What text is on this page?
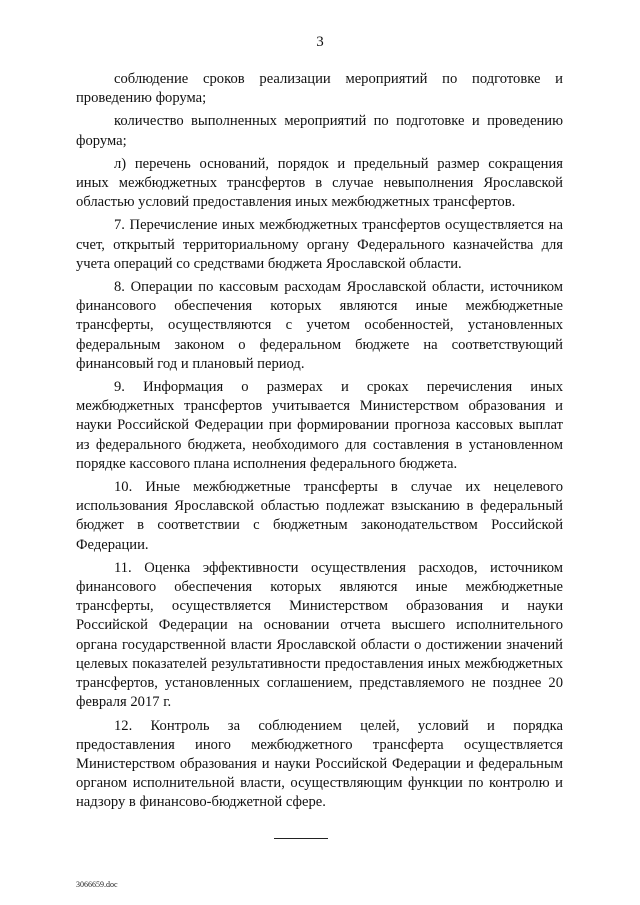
3

соблюдение сроков реализации мероприятий по подготовке и проведению форума;

количество выполненных мероприятий по подготовке и проведению форума;

л) перечень оснований, порядок и предельный размер сокращения иных межбюджетных трансфертов в случае невыполнения Ярославской областью условий предоставления иных межбюджетных трансфертов.

7. Перечисление иных межбюджетных трансфертов осуществляется на счет, открытый территориальному органу Федерального казначейства для учета операций со средствами бюджета Ярославской области.

8. Операции по кассовым расходам Ярославской области, источником финансового обеспечения которых являются иные межбюджетные трансферты, осуществляются с учетом особенностей, установленных федеральным законом о федеральном бюджете на соответствующий финансовый год и плановый период.

9. Информация о размерах и сроках перечисления иных межбюджетных трансфертов учитывается Министерством образования и науки Российской Федерации при формировании прогноза кассовых выплат из федерального бюджета, необходимого для составления в установленном порядке кассового плана исполнения федерального бюджета.

10. Иные межбюджетные трансферты в случае их нецелевого использования Ярославской областью подлежат взысканию в федеральный бюджет в соответствии с бюджетным законодательством Российской Федерации.

11. Оценка эффективности осуществления расходов, источником финансового обеспечения которых являются иные межбюджетные трансферты, осуществляется Министерством образования и науки Российской Федерации на основании отчета высшего исполнительного органа государственной власти Ярославской области о достижении значений целевых показателей результативности предоставления иных межбюджетных трансфертов, установленных соглашением, представляемого не позднее 20 февраля 2017 г.

12. Контроль за соблюдением целей, условий и порядка предоставления иного межбюджетного трансферта осуществляется Министерством образования и науки Российской Федерации и федеральным органом исполнительной власти, осуществляющим функции по контролю и надзору в финансово-бюджетной сфере.

3066659.doc
